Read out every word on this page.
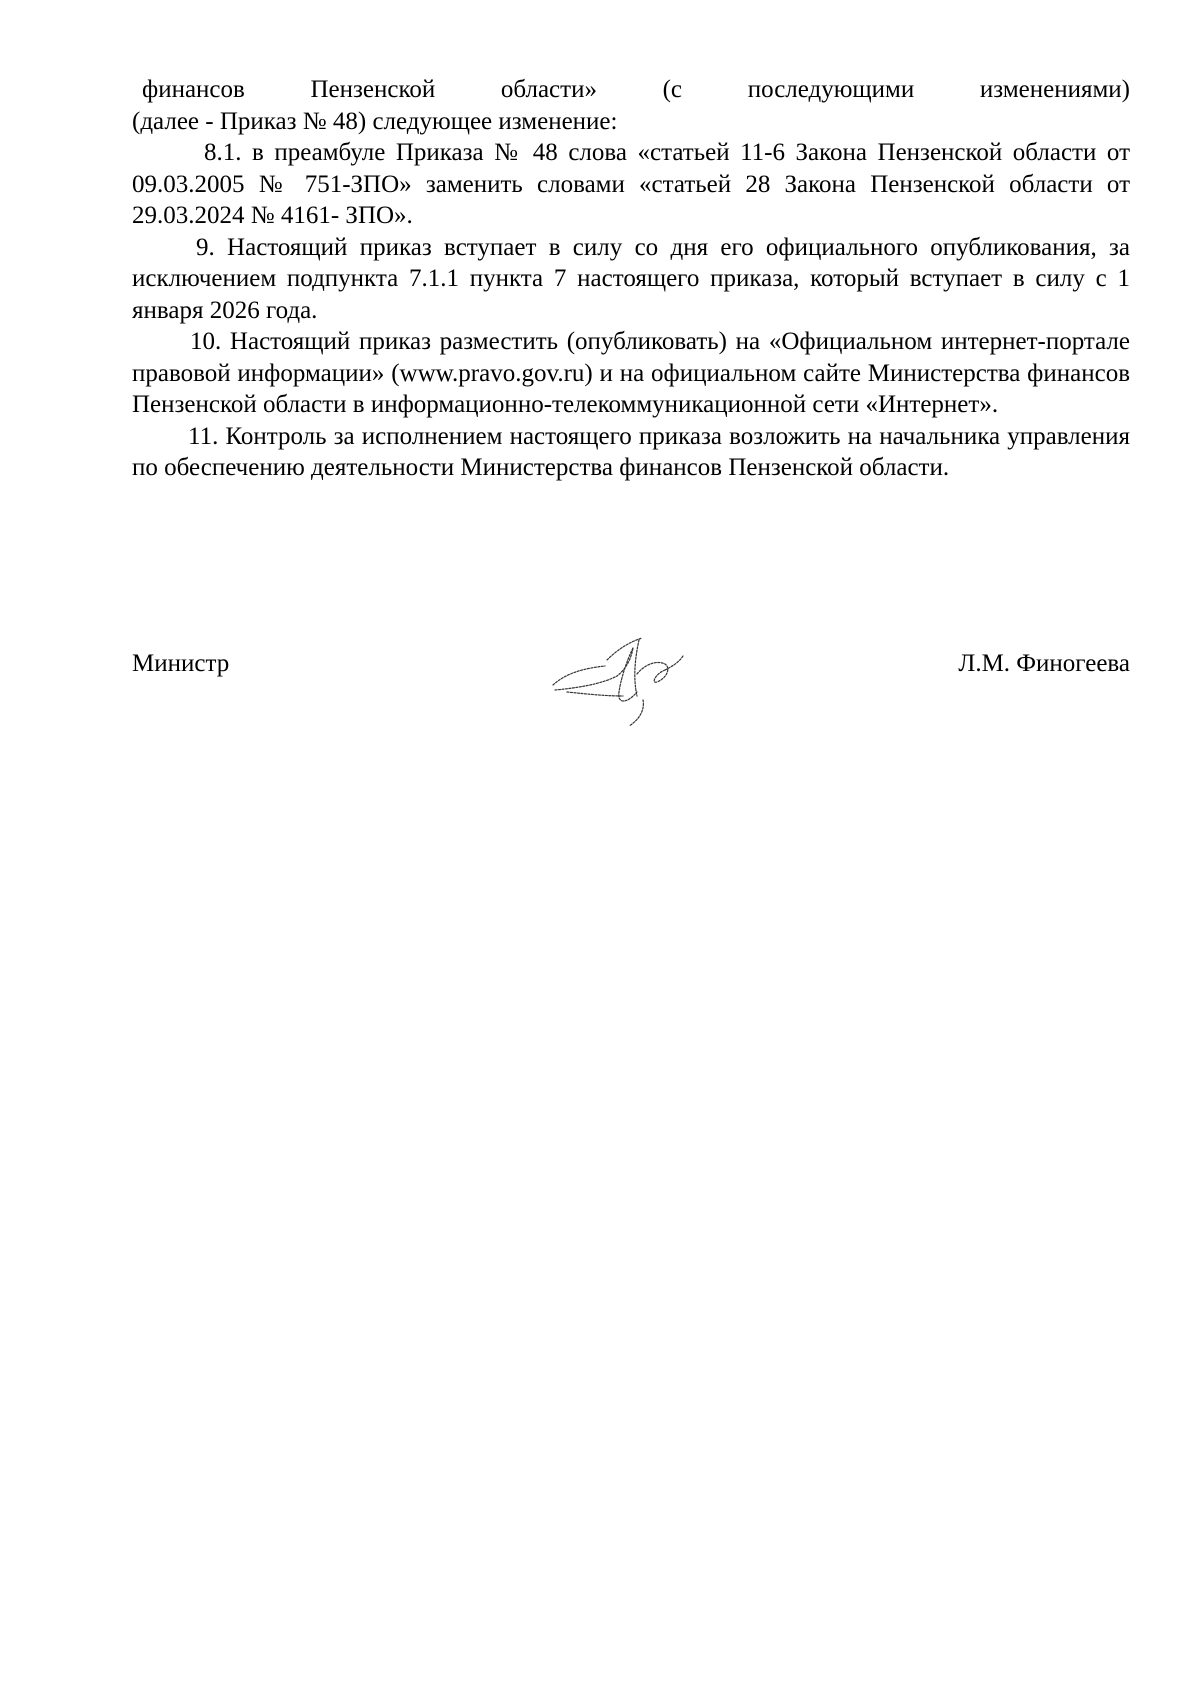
финансов Пензенской области» (с последующими изменениями)

(далее - Приказ № 48) следующее изменение:

8.1. в преамбуле Приказа № 48 слова «статьей 11-6 Закона Пензенской области от 09.03.2005 № 751-ЗПО» заменить словами «статьей 28 Закона Пензенской области от 29.03.2024 № 4161- ЗПО».

9. Настоящий приказ вступает в силу со дня его официального опубликования, за исключением подпункта 7.1.1 пункта 7 настоящего приказа, который вступает в силу с 1 января 2026 года.

10. Настоящий приказ разместить (опубликовать) на «Официальном интернет-портале правовой информации» (www.pravo.gov.ru) и на официальном сайте Министерства финансов Пензенской области в информационно-телекоммуникационной сети «Интернет».

11. Контроль за исполнением настоящего приказа возложить на начальника управления по обеспечению деятельности Министерства финансов Пензенской области.

Министр	Л.М. Финогеева
